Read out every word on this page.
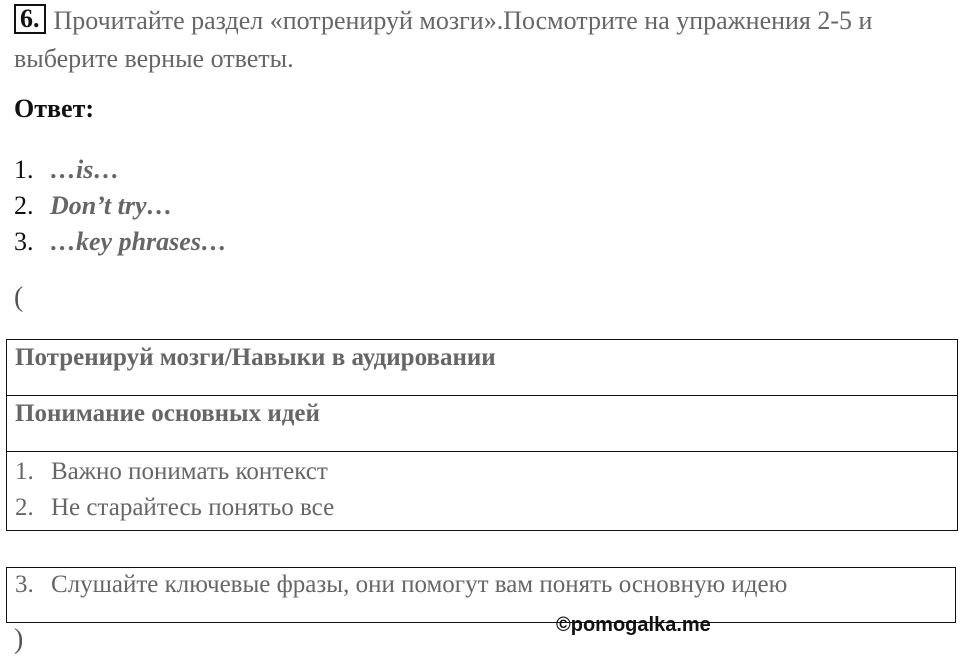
6. Прочитайте раздел «потренируй мозги».Посмотрите на упражнения 2-5 и выберите верные ответы.
Ответ:
1. …is…
2. Don’t try…
3. …key phrases…
(
Потренируй мозги/Навыки в аудировании
Понимание основных идей
1. Важно понимать контекст
2. Не старайтесь понятьо все
3. Слушайте ключевые фразы, они помогут вам понять основную идею
©pomogalka.me
)
